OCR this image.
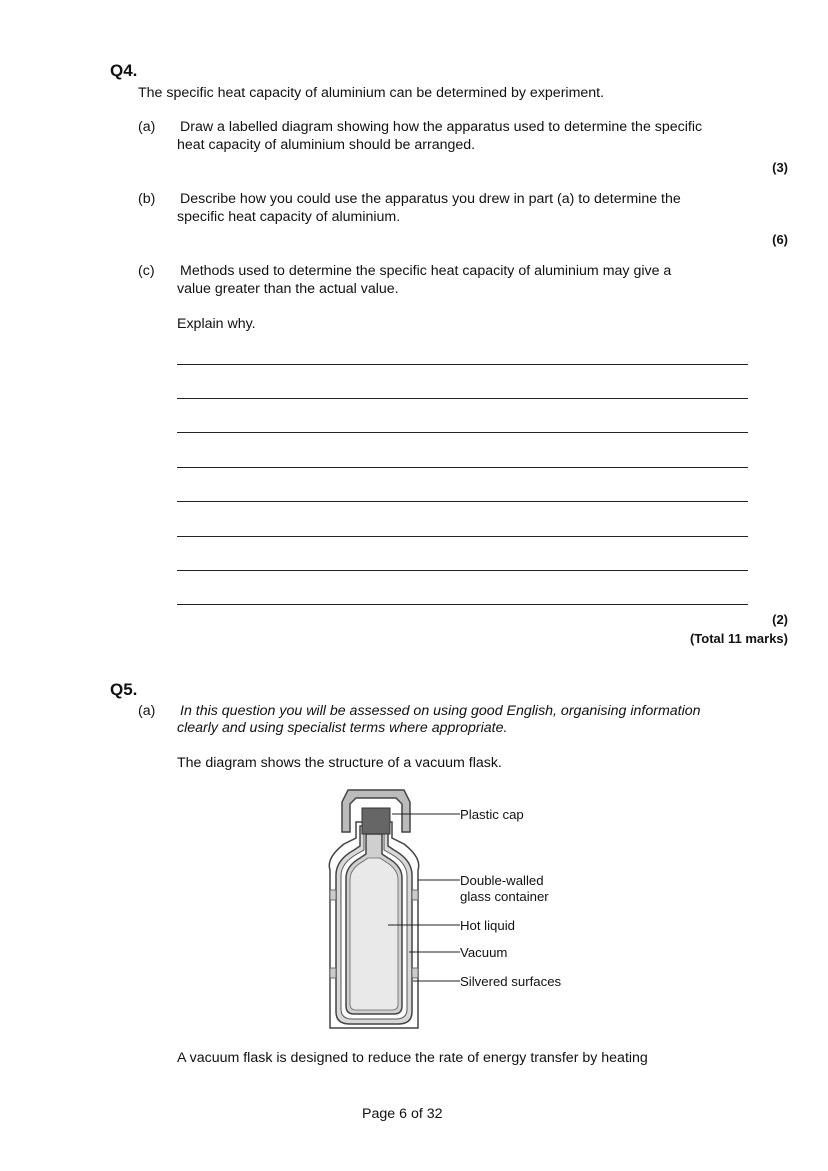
Q4.
The specific heat capacity of aluminium can be determined by experiment.
(a) Draw a labelled diagram showing how the apparatus used to determine the specific
heat capacity of aluminium should be arranged.
(3)
(b) Describe how you could use the apparatus you drew in part (a) to determine the
specific heat capacity of aluminium.
(6)
(c) Methods used to determine the specific heat capacity of aluminium may give a
value greater than the actual value.
Explain why.
(2)
(Total 11 marks)
Q5.
(a) In this question you will be assessed on using good English, organising information
clearly and using specialist terms where appropriate.
The diagram shows the structure of a vacuum flask.
Plastic cap
Double-walled
glass container
Hot liquid
Vacuum
Silvered surfaces
A vacuum flask is designed to reduce the rate of energy transfer by heating
Page 6 of 32
